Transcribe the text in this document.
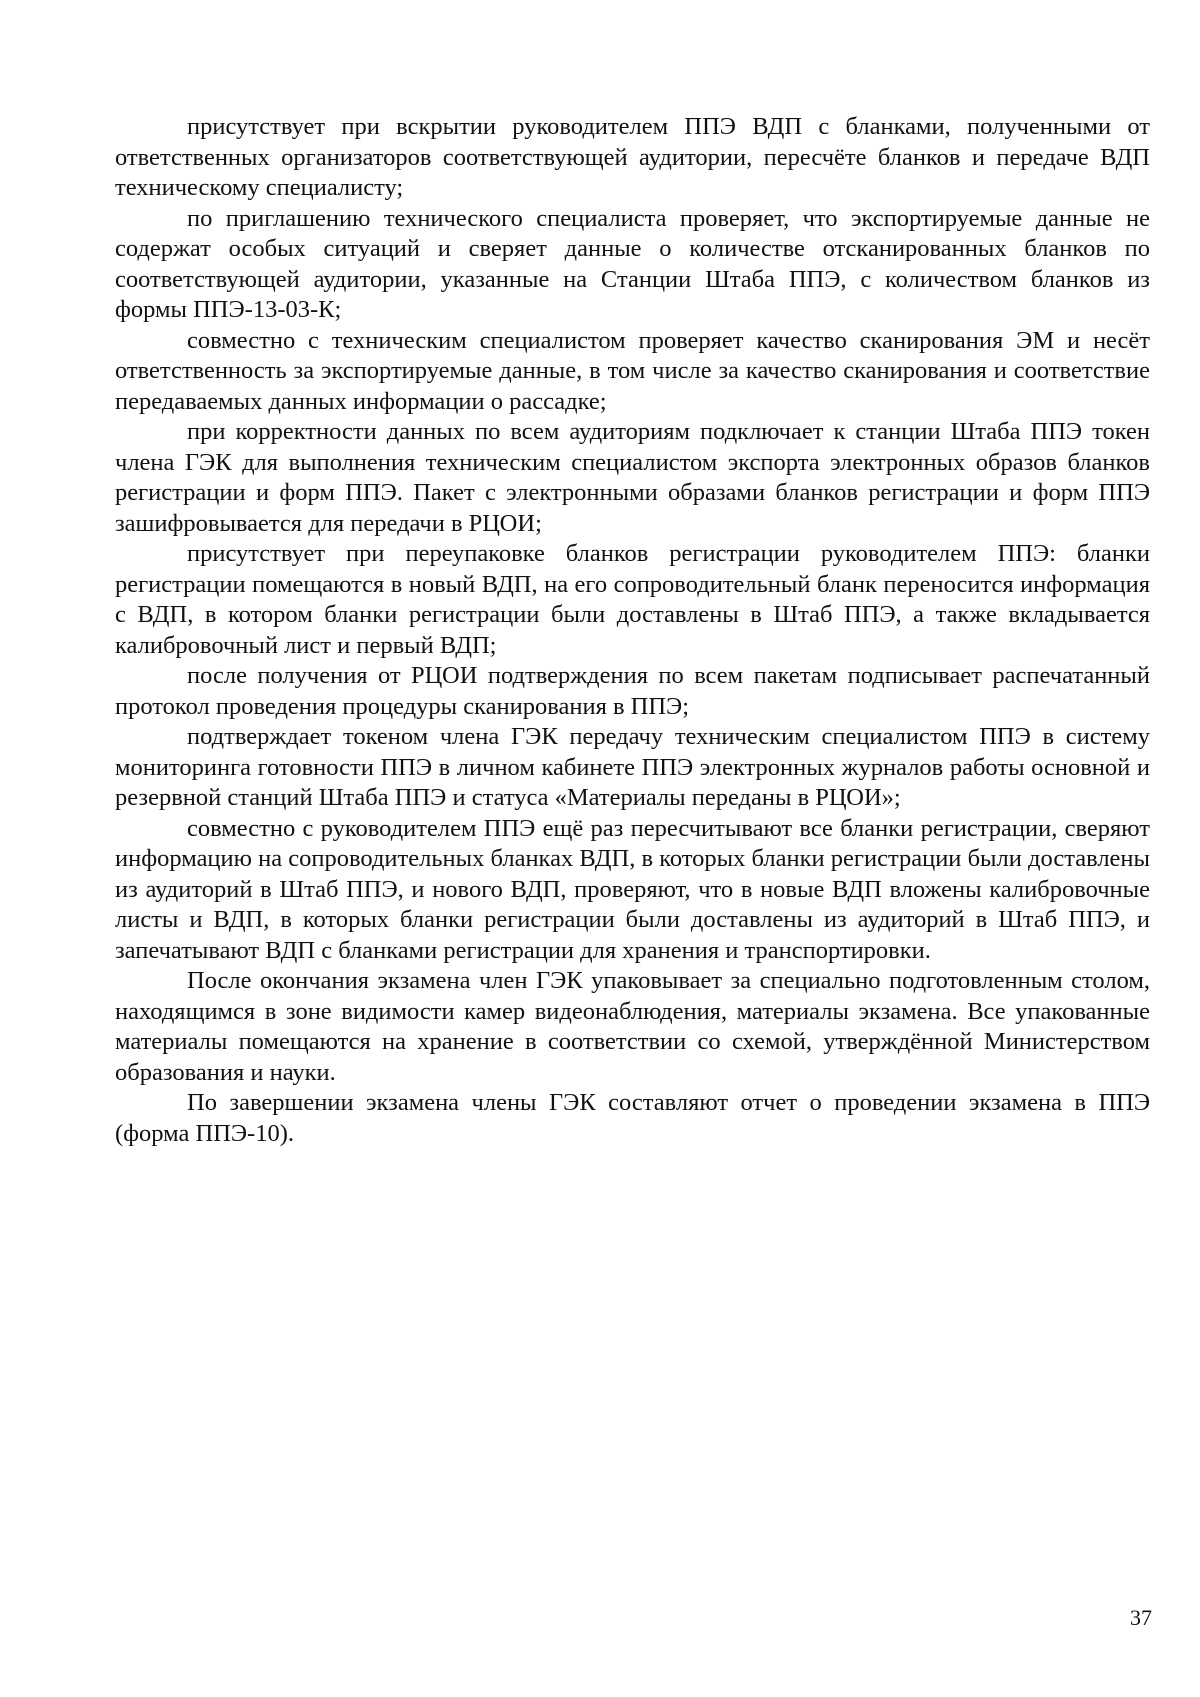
присутствует при вскрытии руководителем ППЭ ВДП с бланками, полученными от ответственных организаторов соответствующей аудитории, пересчёте бланков и передаче ВДП техническому специалисту;

по приглашению технического специалиста проверяет, что экспортируемые данные не содержат особых ситуаций и сверяет данные о количестве отсканированных бланков по соответствующей аудитории, указанные на Станции Штаба ППЭ, с количеством бланков из формы ППЭ-13-03-К;

совместно с техническим специалистом проверяет качество сканирования ЭМ и несёт ответственность за экспортируемые данные, в том числе за качество сканирования и соответствие передаваемых данных информации о рассадке;

при корректности данных по всем аудиториям подключает к станции Штаба ППЭ токен члена ГЭК для выполнения техническим специалистом экспорта электронных образов бланков регистрации и форм ППЭ. Пакет с электронными образами бланков регистрации и форм ППЭ зашифровывается для передачи в РЦОИ;

присутствует при переупаковке бланков регистрации руководителем ППЭ: бланки регистрации помещаются в новый ВДП, на его сопроводительный бланк переносится информация с ВДП, в котором бланки регистрации были доставлены в Штаб ППЭ, а также вкладывается калибровочный лист и первый ВДП;

после получения от РЦОИ подтверждения по всем пакетам подписывает распечатанный протокол проведения процедуры сканирования в ППЭ;

подтверждает токеном члена ГЭК передачу техническим специалистом ППЭ в систему мониторинга готовности ППЭ в личном кабинете ППЭ электронных журналов работы основной и резервной станций Штаба ППЭ и статуса «Материалы переданы в РЦОИ»;

совместно с руководителем ППЭ ещё раз пересчитывают все бланки регистрации, сверяют информацию на сопроводительных бланках ВДП, в которых бланки регистрации были доставлены из аудиторий в Штаб ППЭ, и нового ВДП, проверяют, что в новые ВДП вложены калибровочные листы и ВДП, в которых бланки регистрации были доставлены из аудиторий в Штаб ППЭ, и запечатывают ВДП с бланками регистрации для хранения и транспортировки.

После окончания экзамена член ГЭК упаковывает за специально подготовленным столом, находящимся в зоне видимости камер видеонаблюдения, материалы экзамена. Все упакованные материалы помещаются на хранение в соответствии со схемой, утверждённой Министерством образования и науки.

По завершении экзамена члены ГЭК составляют отчет о проведении экзамена в ППЭ (форма ППЭ-10).

37
